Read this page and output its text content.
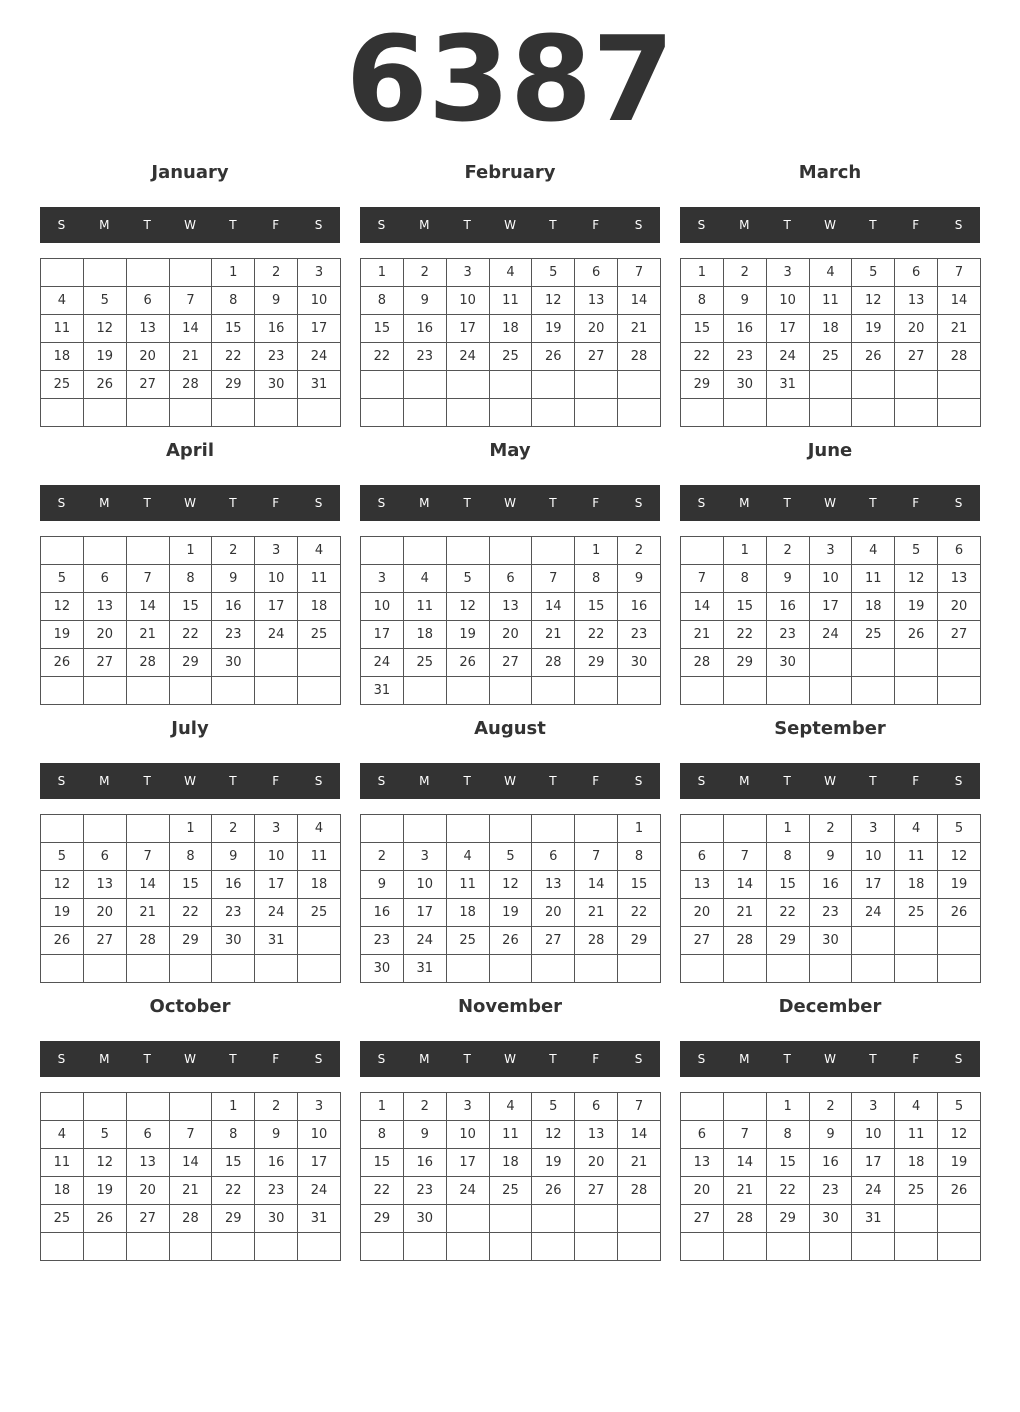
6387
January
S	M	T	W	T	F	S
				1	2	3
4	5	6	7	8	9	10
11	12	13	14	15	16	17
18	19	20	21	22	23	24
25	26	27	28	29	30	31

February
S	M	T	W	T	F	S
1	2	3	4	5	6	7
8	9	10	11	12	13	14
15	16	17	18	19	20	21
22	23	24	25	26	27	28

March
S	M	T	W	T	F	S
1	2	3	4	5	6	7
8	9	10	11	12	13	14
15	16	17	18	19	20	21
22	23	24	25	26	27	28
29	30	31				

April
S	M	T	W	T	F	S
			1	2	3	4
5	6	7	8	9	10	11
12	13	14	15	16	17	18
19	20	21	22	23	24	25
26	27	28	29	30		

May
S	M	T	W	T	F	S
					1	2
3	4	5	6	7	8	9
10	11	12	13	14	15	16
17	18	19	20	21	22	23
24	25	26	27	28	29	30
31						
June
S	M	T	W	T	F	S
	1	2	3	4	5	6
7	8	9	10	11	12	13
14	15	16	17	18	19	20
21	22	23	24	25	26	27
28	29	30				

July
S	M	T	W	T	F	S
			1	2	3	4
5	6	7	8	9	10	11
12	13	14	15	16	17	18
19	20	21	22	23	24	25
26	27	28	29	30	31	

August
S	M	T	W	T	F	S
						1
2	3	4	5	6	7	8
9	10	11	12	13	14	15
16	17	18	19	20	21	22
23	24	25	26	27	28	29
30	31					
September
S	M	T	W	T	F	S
		1	2	3	4	5
6	7	8	9	10	11	12
13	14	15	16	17	18	19
20	21	22	23	24	25	26
27	28	29	30			

October
S	M	T	W	T	F	S
				1	2	3
4	5	6	7	8	9	10
11	12	13	14	15	16	17
18	19	20	21	22	23	24
25	26	27	28	29	30	31

November
S	M	T	W	T	F	S
1	2	3	4	5	6	7
8	9	10	11	12	13	14
15	16	17	18	19	20	21
22	23	24	25	26	27	28
29	30					

December
S	M	T	W	T	F	S
		1	2	3	4	5
6	7	8	9	10	11	12
13	14	15	16	17	18	19
20	21	22	23	24	25	26
27	28	29	30	31		
